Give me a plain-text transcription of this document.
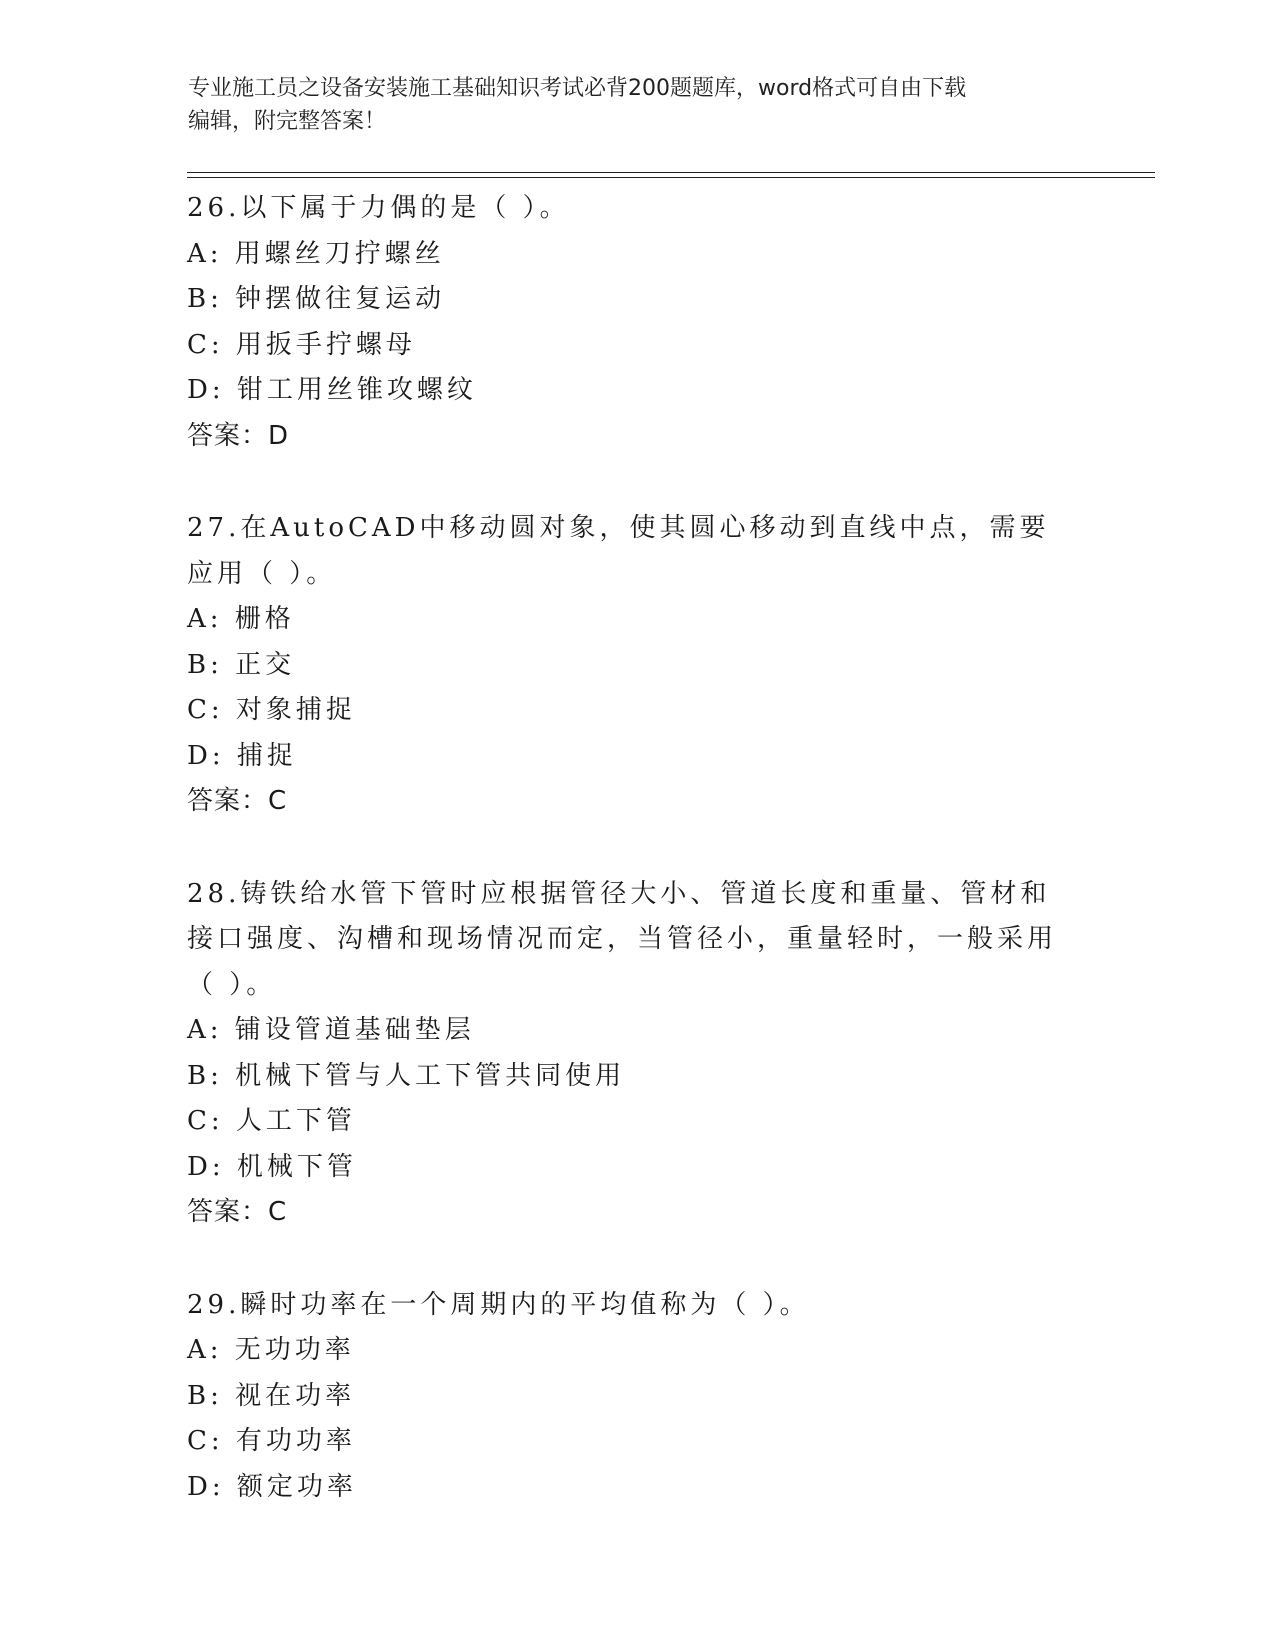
专业施工员之设备安装施工基础知识考试必背200题题库，word格式可自由下载
编辑，附完整答案！
26.以下属于力偶的是（ ）。
A: 用螺丝刀拧螺丝
B: 钟摆做往复运动
C: 用扳手拧螺母
D: 钳工用丝锥攻螺纹
答案：D
27.在AutoCAD中移动圆对象，使其圆心移动到直线中点，需要应用（ ）。
A: 栅格
B: 正交
C: 对象捕捉
D: 捕捉
答案：C
28.铸铁给水管下管时应根据管径大小、管道长度和重量、管材和接口强度、沟槽和现场情况而定，当管径小，重量轻时，一般采用（ ）。
A: 铺设管道基础垫层
B: 机械下管与人工下管共同使用
C: 人工下管
D: 机械下管
答案：C
29.瞬时功率在一个周期内的平均值称为（ ）。
A: 无功功率
B: 视在功率
C: 有功功率
D: 额定功率
